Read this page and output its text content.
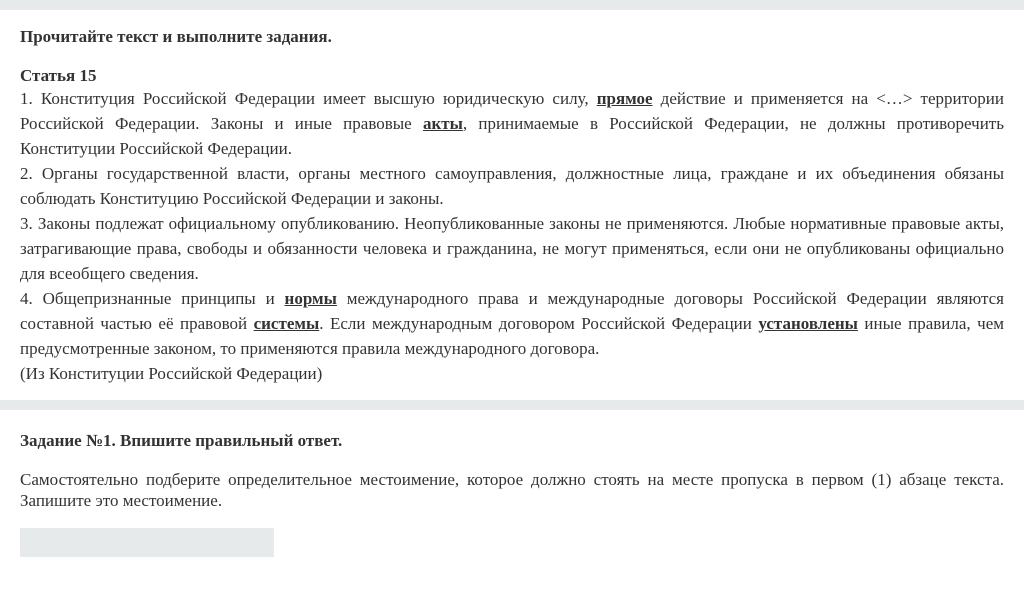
Прочитайте текст и выполните задания.

Статья 15

1. Конституция Российской Федерации имеет высшую юридическую силу, прямое действие и применяется на <…> территории Российской Федерации. Законы и иные правовые акты, принимаемые в Российской Федерации, не должны противоречить Конституции Российской Федерации.

2. Органы государственной власти, органы местного самоуправления, должностные лица, граждане и их объединения обязаны соблюдать Конституцию Российской Федерации и законы.

3. Законы подлежат официальному опубликованию. Неопубликованные законы не применяются. Любые нормативные правовые акты, затрагивающие права, свободы и обязанности человека и гражданина, не могут применяться, если они не опубликованы официально для всеобщего сведения.

4. Общепризнанные принципы и нормы международного права и международные договоры Российской Федерации являются составной частью её правовой системы. Если международным договором Российской Федерации установлены иные правила, чем предусмотренные законом, то применяются правила международного договора.

(Из Конституции Российской Федерации)

Задание №1. Впишите правильный ответ.

Самостоятельно подберите определительное местоимение, которое должно стоять на месте пропуска в первом (1) абзаце текста. Запишите это местоимение.
